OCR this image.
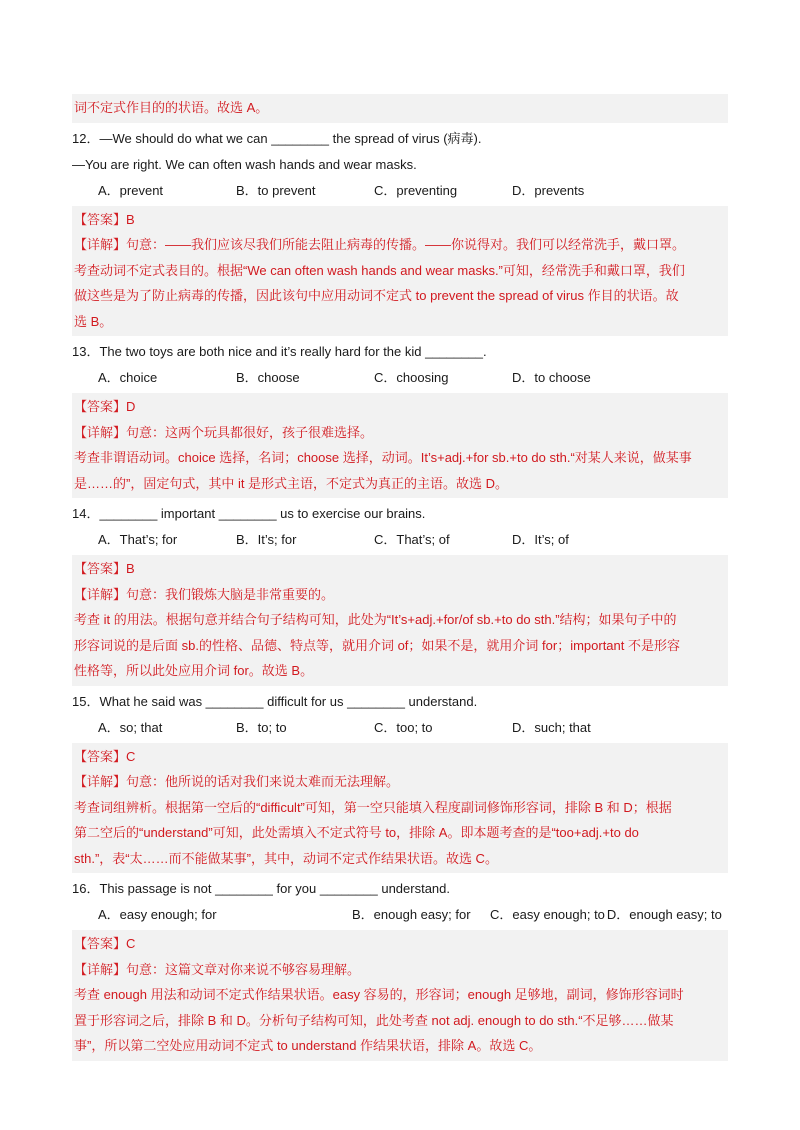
词不定式作目的的状语。故选 A。
12．—We should do what we can ________ the spread of virus (病毒).
—You are right. We can often wash hands and wear masks.
A．prevent	B．to prevent	C．preventing	D．prevents
【答案】B
【详解】句意：——我们应该尽我们所能去阻止病毒的传播。——你说得对。我们可以经常洗手，戴口罩。
考查动词不定式表目的。根据“We can often wash hands and wear masks.”可知，经常洗手和戴口罩，我们
做这些是为了防止病毒的传播，因此该句中应用动词不定式 to prevent the spread of virus 作目的状语。故
选 B。
13．The two toys are both nice and it’s really hard for the kid ________.
A．choice	B．choose	C．choosing	D．to choose
【答案】D
【详解】句意：这两个玩具都很好，孩子很难选择。
考查非谓语动词。choice 选择，名词；choose 选择，动词。It’s+adj.+for sb.+to do sth.“对某人来说，做某事
是……的”，固定句式，其中 it 是形式主语，不定式为真正的主语。故选 D。
14．________ important ________ us to exercise our brains.
A．That’s; for	B．It’s; for	C．That’s; of	D．It’s; of
【答案】B
【详解】句意：我们锻炼大脑是非常重要的。
考查 it 的用法。根据句意并结合句子结构可知，此处为“It’s+adj.+for/of sb.+to do sth.”结构；如果句子中的
形容词说的是后面 sb.的性格、品德、特点等，就用介词 of；如果不是，就用介词 for；important 不是形容
性格等，所以此处应用介词 for。故选 B。
15．What he said was ________ difficult for us ________ understand.
A．so; that	B．to; to	C．too; to	D．such; that
【答案】C
【详解】句意：他所说的话对我们来说太难而无法理解。
考查词组辨析。根据第一空后的“difficult”可知，第一空只能填入程度副词修饰形容词，排除 B 和 D；根据
第二空后的“understand”可知，此处需填入不定式符号 to，排除 A。即本题考查的是“too+adj.+to do
sth.”，表“太……而不能做某事”，其中，动词不定式作结果状语。故选 C。
16．This passage is not ________ for you ________ understand.
A．easy enough; for	B．enough easy; for	C．easy enough; to D．enough easy; to
【答案】C
【详解】句意：这篇文章对你来说不够容易理解。
考查 enough 用法和动词不定式作结果状语。easy 容易的，形容词；enough 足够地，副词，修饰形容词时
置于形容词之后，排除 B 和 D。分析句子结构可知，此处考查 not adj. enough to do sth.“不足够……做某
事”，所以第二空处应用动词不定式 to understand 作结果状语，排除 A。故选 C。
